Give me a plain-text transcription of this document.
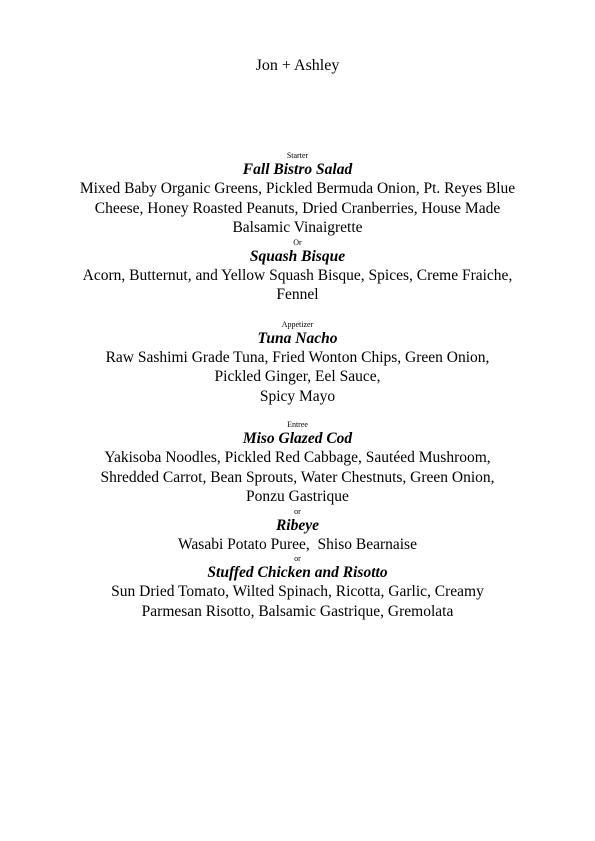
Jon + Ashley
Starter
Fall Bistro Salad
Mixed Baby Organic Greens, Pickled Bermuda Onion, Pt. Reyes Blue
Cheese, Honey Roasted Peanuts, Dried Cranberries, House Made
Balsamic Vinaigrette
Or
Squash Bisque
Acorn, Butternut, and Yellow Squash Bisque, Spices, Creme Fraiche,
Fennel
Appetizer
Tuna Nacho
Raw Sashimi Grade Tuna, Fried Wonton Chips, Green Onion,
Pickled Ginger, Eel Sauce,
Spicy Mayo
Entree
Miso Glazed Cod
Yakisoba Noodles, Pickled Red Cabbage, Sautéed Mushroom,
Shredded Carrot, Bean Sprouts, Water Chestnuts, Green Onion,
Ponzu Gastrique
or
Ribeye
Wasabi Potato Puree,  Shiso Bearnaise
or
Stuffed Chicken and Risotto
Sun Dried Tomato, Wilted Spinach, Ricotta, Garlic, Creamy
Parmesan Risotto, Balsamic Gastrique, Gremolata
